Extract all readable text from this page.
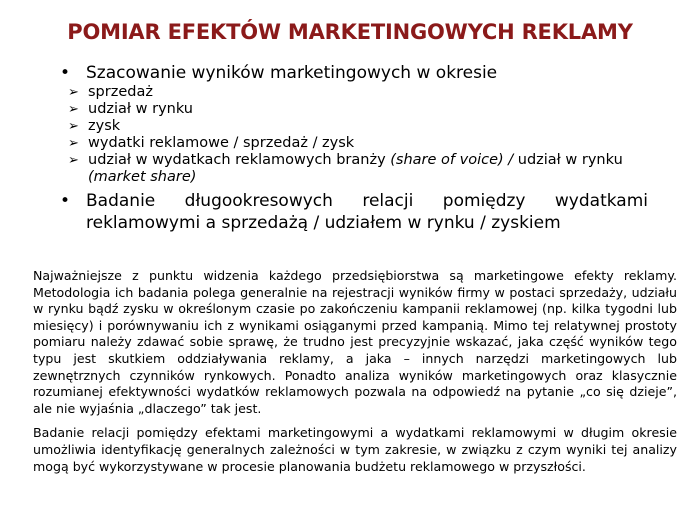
POMIAR EFEKTÓW MARKETINGOWYCH REKLAMY
• Szacowanie wyników marketingowych w okresie
➢ sprzedaż
➢ udział w rynku
➢ zysk
➢ wydatki reklamowe / sprzedaż / zysk
➢ udział w wydatkach reklamowych branży (share of voice) / udział w rynku (market share)
• Badanie długookresowych relacji pomiędzy wydatkami reklamowymi a sprzedażą / udziałem w rynku / zyskiem

Najważniejsze z punktu widzenia każdego przedsiębiorstwa są marketingowe efekty reklamy. Metodologia ich badania polega generalnie na rejestracji wyników firmy w postaci sprzedaży, udziału w rynku bądź zysku w określonym czasie po zakończeniu kampanii reklamowej (np. kilka tygodni lub miesięcy) i porównywaniu ich z wynikami osiąganymi przed kampanią. Mimo tej relatywnej prostoty pomiaru należy zdawać sobie sprawę, że trudno jest precyzyjnie wskazać, jaka część wyników tego typu jest skutkiem oddziaływania reklamy, a jaka – innych narzędzi marketingowych lub zewnętrznych czynników rynkowych. Ponadto analiza wyników marketingowych oraz klasycznie rozumianej efektywności wydatków reklamowych pozwala na odpowiedź na pytanie „co się dzieje”, ale nie wyjaśnia „dlaczego” tak jest.

Badanie relacji pomiędzy efektami marketingowymi a wydatkami reklamowymi w długim okresie umożliwia identyfikację generalnych zależności w tym zakresie, w związku z czym wyniki tej analizy mogą być wykorzystywane w procesie planowania budżetu reklamowego w przyszłości.
